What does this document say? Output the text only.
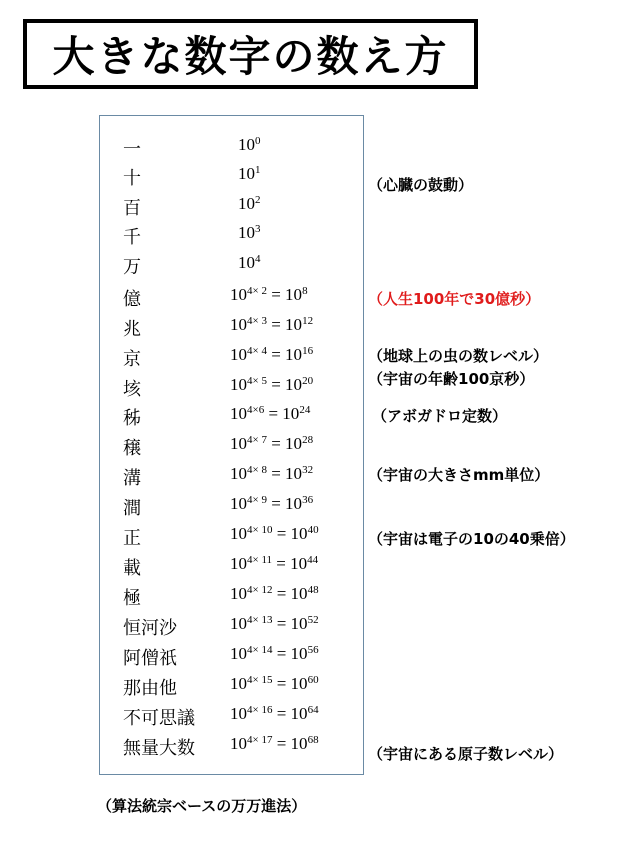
大きな数字の数え方
一	$10^0$
十	$10^1$
百	$10^2$
千	$10^3$
万	$10^4$
億	$10^{4\times 2} = 10^8$
兆	$10^{4\times 3} = 10^{12}$
京	$10^{4\times 4} = 10^{16}$
垓	$10^{4\times 5} = 10^{20}$
秭	$10^{4\times 6} = 10^{24}$
穣	$10^{4\times 7} = 10^{28}$
溝	$10^{4\times 8} = 10^{32}$
澗	$10^{4\times 9} = 10^{36}$
正	$10^{4\times 10} = 10^{40}$
載	$10^{4\times 11} = 10^{44}$
極	$10^{4\times 12} = 10^{48}$
恒河沙	$10^{4\times 13} = 10^{52}$
阿僧祇	$10^{4\times 14} = 10^{56}$
那由他	$10^{4\times 15} = 10^{60}$
不可思議 $10^{4\times 16} = 10^{64}$
無量大数 $10^{4\times 17} = 10^{68}$
（心臓の鼓動）
（人生100年で30億秒）
（地球上の虫の数レベル）
（宇宙の年齢100京秒）
（アボガドロ定数）
（宇宙の大きさmm単位）
（宇宙は電子の10の40乗倍）
（宇宙にある原子数レベル）
（算法統宗ベースの万万進法）
